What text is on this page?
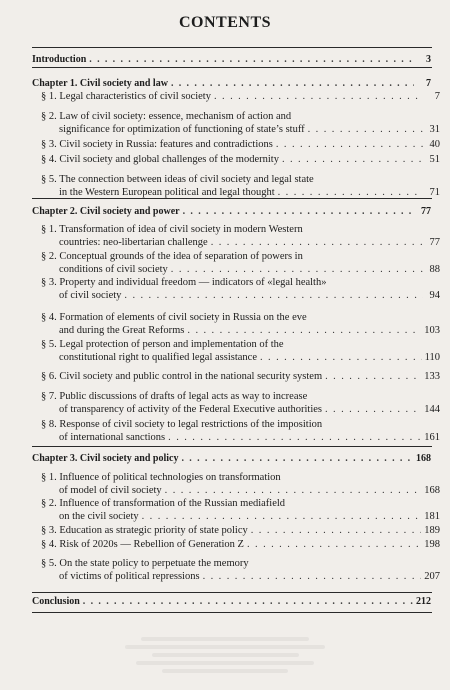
CONTENTS
Introduction . . .	3
Chapter 1. Civil society and law . . .	7
§ 1. Legal characteristics of civil society . . .	7
§ 2. Law of civil society: essence, mechanism of action and
significance for optimization of functioning of state’s stuff . . .	31
§ 3. Civil society in Russia: features and contradictions . . .	40
§ 4. Civil society and global challenges of the modernity . . .	51
§ 5. The connection between ideas of civil society and legal state
in the Western European political and legal thought . . .	71
Chapter 2. Civil society and power . . .	77
§ 1. Transformation of idea of civil society in modern Western
countries: neo-libertarian challenge . . .	77
§ 2. Conceptual grounds of the idea of separation of powers in
conditions of civil society . . .	88
§ 3. Property and individual freedom — indicators of «legal health»
of civil society . . .	94
§ 4. Formation of elements of civil society in Russia on the eve
and during the Great Reforms . . .	103
§ 5. Legal protection of person and implementation of the
constitutional right to qualified legal assistance . . .	110
§ 6. Civil society and public control in the national security system . . .	133
§ 7. Public discussions of drafts of legal acts as way to increase
of transparency of activity of the Federal Executive authorities . . .	144
§ 8. Response of civil society to legal restrictions of the imposition
of international sanctions . . .	161
Chapter 3. Civil society and policy . . .	168
§ 1. Influence of political technologies on transformation
of model of civil society . . .	168
§ 2. Influence of transformation of the Russian mediafield
on the civil society . . .	181
§ 3. Education as strategic priority of state policy . . .	189
§ 4. Risk of 2020s — Rebellion of Generation Z . . .	198
§ 5. On the state policy to perpetuate the memory
of victims of political repressions . . .	207
Conclusion . . .	212
